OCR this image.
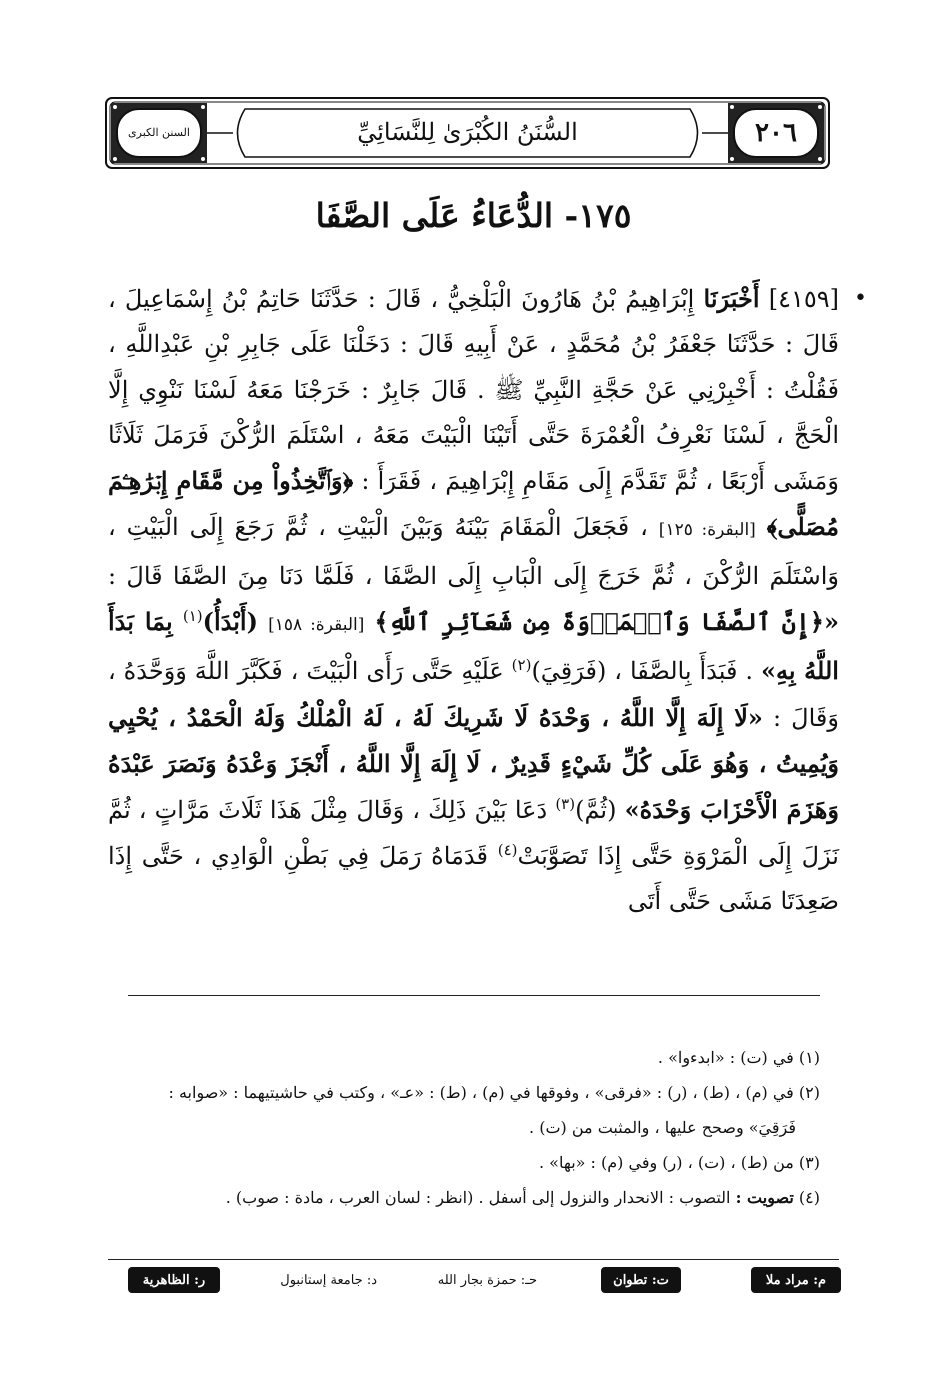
٢٠٦
السُّنَنُ الكُبْرَىٰ لِلنَّسَائِيِّ
السنن الكبرى
١٧٥- الدُّعَاءُ عَلَى الصَّفَا
•
[٤١٥٩] أَخْبَرَنَا إِبْرَاهِيمُ بْنُ هَارُونَ الْبَلْخِيُّ ، قَالَ : حَدَّثَنَا حَاتِمُ بْنُ إِسْمَاعِيلَ ، قَالَ : حَدَّثَنَا جَعْفَرُ بْنُ مُحَمَّدٍ ، عَنْ أَبِيهِ قَالَ : دَخَلْنَا عَلَى جَابِرِ بْنِ عَبْدِاللَّهِ ، فَقُلْتُ : أَخْبِرْنِي عَنْ حَجَّةِ النَّبِيِّ ﷺ . قَالَ جَابِرٌ : خَرَجْنَا مَعَهُ لَسْنَا نَنْوِي إِلَّا الْحَجَّ ، لَسْنَا نَعْرِفُ الْعُمْرَةَ حَتَّى أَتَيْنَا الْبَيْتَ مَعَهُ ، اسْتَلَمَ الرُّكْنَ فَرَمَلَ ثَلَاثًا وَمَشَى أَرْبَعًا ، ثُمَّ تَقَدَّمَ إِلَى مَقَامِ إِبْرَاهِيمَ ، فَقَرَأَ : ﴿وَٱتَّخِذُواْ مِن مَّقَامِ إِبۡرَٰهِـۧمَ مُصَلًّى﴾ [البقرة: ١٢٥] ، فَجَعَلَ الْمَقَامَ بَيْنَهُ وَبَيْنَ الْبَيْتِ ، ثُمَّ رَجَعَ إِلَى الْبَيْتِ ، وَاسْتَلَمَ الرُّكْنَ ، ثُمَّ خَرَجَ إِلَى الْبَابِ إِلَى الصَّفَا ، فَلَمَّا دَنَا مِنَ الصَّفَا قَالَ : «﴿إِنَّ ٱلصَّفَا وَٱلۡمَرۡوَةَ مِن شَعَآئِرِ ٱللَّهِ﴾ [البقرة: ١٥٨] (أَبْدَأُ)$^{(١)}$ بِمَا بَدَأَ اللَّهُ بِهِ» . فَبَدَأَ بِالصَّفَا ، (فَرَقِيَ)$^{(٢)}$ عَلَيْهِ حَتَّى رَأَى الْبَيْتَ ، فَكَبَّرَ اللَّهَ وَوَحَّدَهُ ، وَقَالَ : «لَا إِلَهَ إِلَّا اللَّهُ ، وَحْدَهُ لَا شَرِيكَ لَهُ ، لَهُ الْمُلْكُ وَلَهُ الْحَمْدُ ، يُحْيِي وَيُمِيتُ ، وَهُوَ عَلَى كُلِّ شَيْءٍ قَدِيرٌ ، لَا إِلَهَ إِلَّا اللَّهُ ، أَنْجَزَ وَعْدَهُ وَنَصَرَ عَبْدَهُ وَهَزَمَ الْأَحْزَابَ وَحْدَهُ» (ثُمَّ)$^{(٣)}$ دَعَا بَيْنَ ذَلِكَ ، وَقَالَ مِثْلَ هَذَا ثَلَاثَ مَرَّاتٍ ، ثُمَّ نَزَلَ إِلَى الْمَرْوَةِ حَتَّى إِذَا تَصَوَّبَتْ$^{(٤)}$ قَدَمَاهُ رَمَلَ فِي بَطْنِ الْوَادِي ، حَتَّى إِذَا صَعِدَتَا مَشَى حَتَّى أَتَى
(١) في (ت) : «ابدءوا» .
(٢) في (م) ، (ط) ، (ر) : «فرقى» ، وفوقها في (م) ، (ط) : «عـ» ، وكتب في حاشيتيهما : «صوابه :
فَرَقِيَ» وصحح عليها ، والمثبت من (ت) .
(٣) من (ط) ، (ت) ، (ر) وفي (م) : «بها» .
(٤) تصويت : التصوب : الانحدار والنزول إلى أسفل . (انظر : لسان العرب ، مادة : صوب) .
م: مراد ملا
ت: تطوان
حـ: حمزة بجار الله
د: جامعة إستانبول
ر: الظاهرية
